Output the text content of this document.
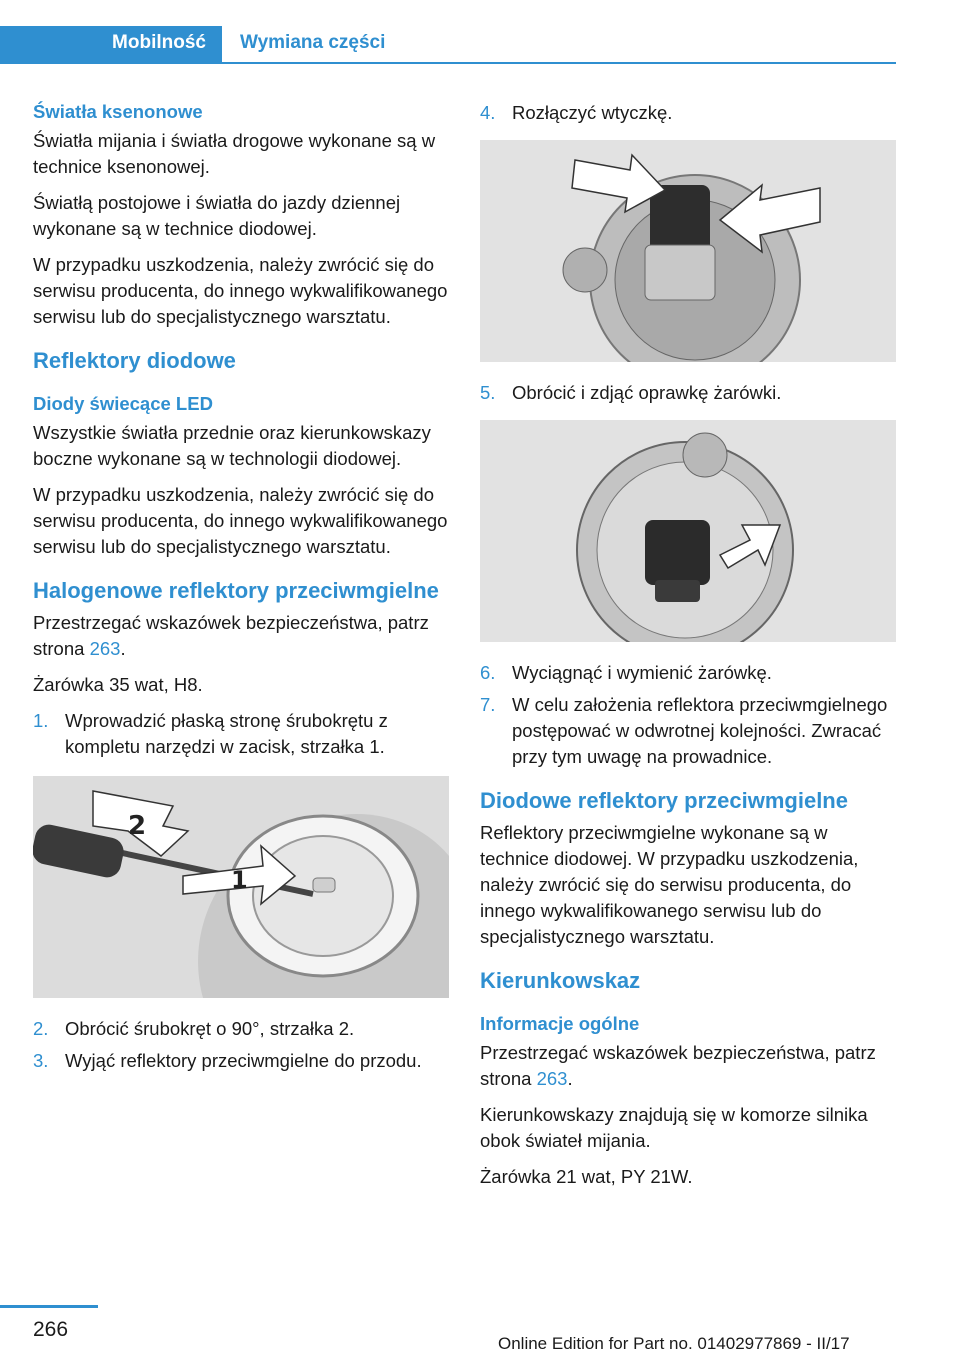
Mobilność	Wymiana części
Światła ksenonowe

Światła mijania i światła drogowe wykonane są w technice ksenonowej.

Światłą postojowe i światła do jazdy dziennej wykonane są w technice diodowej.

W przypadku uszkodzenia, należy zwrócić się do serwisu producenta, do innego wykwalifikowanego serwisu lub do specjalistycznego warsztatu.

Reflektory diodowe
Diody świecące LED

Wszystkie światła przednie oraz kierunkowskazy boczne wykonane są w technologii diodowej.

W przypadku uszkodzenia, należy zwrócić się do serwisu producenta, do innego wykwalifikowanego serwisu lub do specjalistycznego warsztatu.

Halogenowe reflektory przeciwmgielne

Przestrzegać wskazówek bezpieczeństwa, patrz strona 263.

Żarówka 35 wat, H8.

1. Wprowadzić płaską stronę śrubokrętu z kompletu narzędzi w zacisk, strzałka 1.
2
1
2. Obrócić śrubokręt o 90°, strzałka 2.
3. Wyjąć reflektory przeciwmgielne do przodu.
4. Rozłączyć wtyczkę.
5. Obrócić i zdjąć oprawkę żarówki.
6. Wyciągnąć i wymienić żarówkę.
7. W celu założenia reflektora przeciwmgielnego postępować w odwrotnej kolejności. Zwracać przy tym uwagę na prowadnice.
Diodowe reflektory przeciwmgielne

Reflektory przeciwmgielne wykonane są w technice diodowej. W przypadku uszkodzenia, należy zwrócić się do serwisu producenta, do innego wykwalifikowanego serwisu lub do specjalistycznego warsztatu.

Kierunkowskaz
Informacje ogólne

Przestrzegać wskazówek bezpieczeństwa, patrz strona 263.

Kierunkowskazy znajdują się w komorze silnika obok świateł mijania.

Żarówka 21 wat, PY 21W.

266
Online Edition for Part no. 01402977869 - II/17
